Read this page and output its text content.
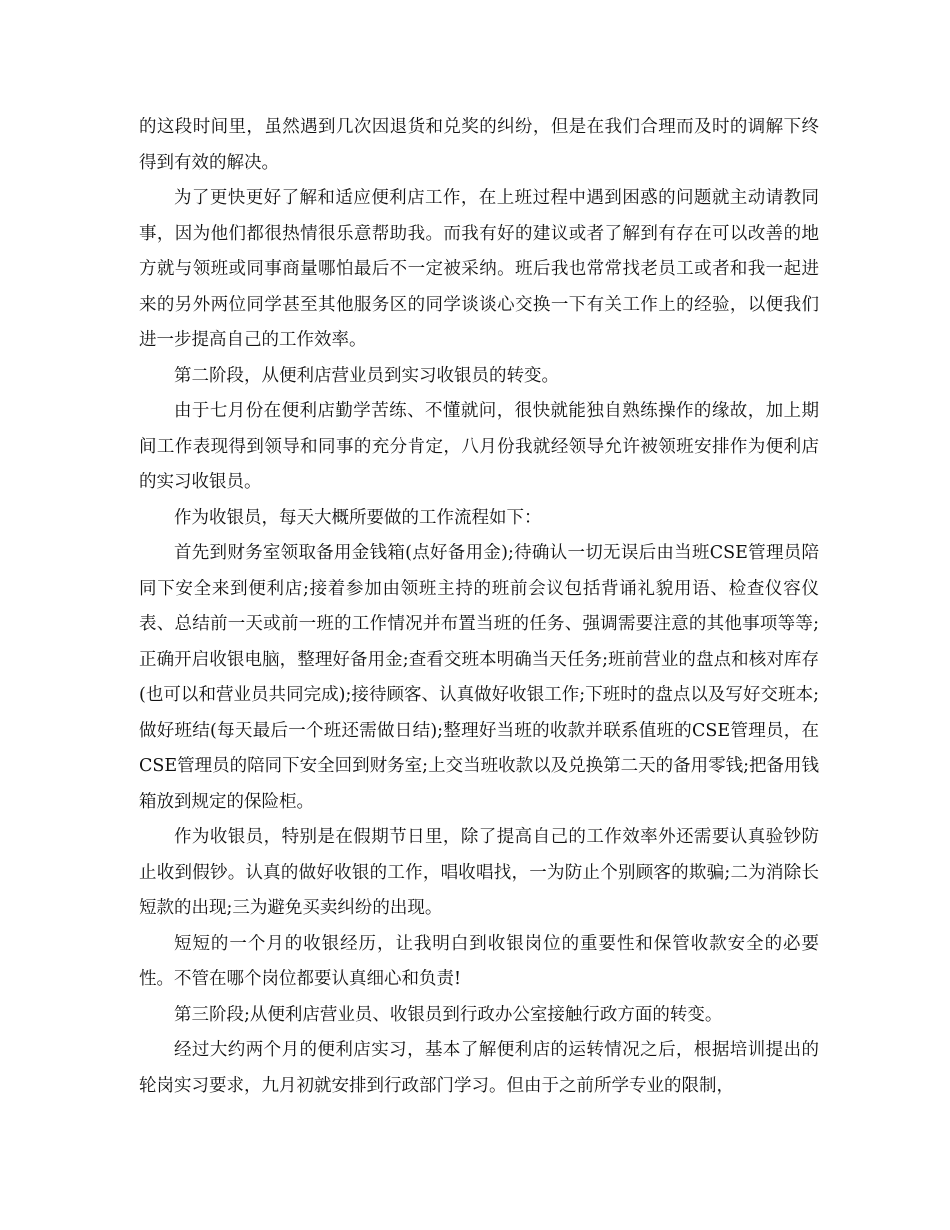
的这段时间里，虽然遇到几次因退货和兑奖的纠纷，但是在我们合理而及时的调解下终得到有效的解决。

为了更快更好了解和适应便利店工作，在上班过程中遇到困惑的问题就主动请教同事，因为他们都很热情很乐意帮助我。而我有好的建议或者了解到有存在可以改善的地方就与领班或同事商量哪怕最后不一定被采纳。班后我也常常找老员工或者和我一起进来的另外两位同学甚至其他服务区的同学谈谈心交换一下有关工作上的经验，以便我们进一步提高自己的工作效率。

第二阶段，从便利店营业员到实习收银员的转变。

由于七月份在便利店勤学苦练、不懂就问，很快就能独自熟练操作的缘故，加上期间工作表现得到领导和同事的充分肯定，八月份我就经领导允许被领班安排作为便利店的实习收银员。

作为收银员，每天大概所要做的工作流程如下：

首先到财务室领取备用金钱箱(点好备用金);待确认一切无误后由当班CSE管理员陪同下安全来到便利店;接着参加由领班主持的班前会议包括背诵礼貌用语、检查仪容仪表、总结前一天或前一班的工作情况并布置当班的任务、强调需要注意的其他事项等等;正确开启收银电脑，整理好备用金;查看交班本明确当天任务;班前营业的盘点和核对库存(也可以和营业员共同完成);接待顾客、认真做好收银工作;下班时的盘点以及写好交班本;做好班结(每天最后一个班还需做日结);整理好当班的收款并联系值班的CSE管理员，在CSE管理员的陪同下安全回到财务室;上交当班收款以及兑换第二天的备用零钱;把备用钱箱放到规定的保险柜。

作为收银员，特别是在假期节日里，除了提高自己的工作效率外还需要认真验钞防止收到假钞。认真的做好收银的工作，唱收唱找，一为防止个别顾客的欺骗;二为消除长短款的出现;三为避免买卖纠纷的出现。

短短的一个月的收银经历，让我明白到收银岗位的重要性和保管收款安全的必要性。不管在哪个岗位都要认真细心和负责!

第三阶段;从便利店营业员、收银员到行政办公室接触行政方面的转变。

经过大约两个月的便利店实习，基本了解便利店的运转情况之后，根据培训提出的轮岗实习要求，九月初就安排到行政部门学习。但由于之前所学专业的限制，
